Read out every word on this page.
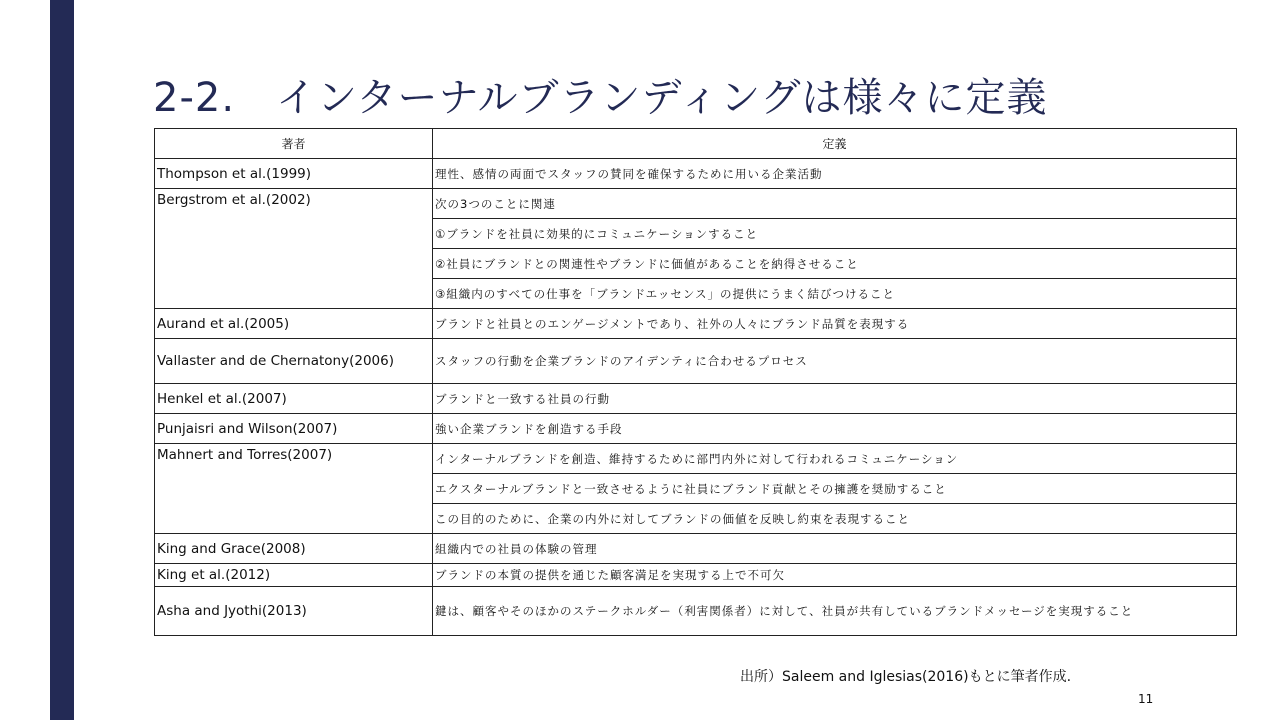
2-2.　インターナルブランディングは様々に定義
著者	定義
Thompson et al.(1999)	理性、感情の両面でスタッフの賛同を確保するために用いる企業活動
Bergstrom et al.(2002)	次の3つのことに関連
	①ブランドを社員に効果的にコミュニケーションすること
	②社員にブランドとの関連性やブランドに価値があることを納得させること
	③組織内のすべての仕事を「ブランドエッセンス」の提供にうまく結びつけること
Aurand et al.(2005)	ブランドと社員とのエンゲージメントであり、社外の人々にブランド品質を表現する
Vallaster and de Chernatony(2006)	スタッフの行動を企業ブランドのアイデンティに合わせるプロセス
Henkel et al.(2007)	ブランドと一致する社員の行動
Punjaisri and Wilson(2007)	強い企業ブランドを創造する手段
Mahnert and Torres(2007)	インターナルブランドを創造、維持するために部門内外に対して行われるコミュニケーション
	エクスターナルブランドと一致させるように社員にブランド貢献とその擁護を奨励すること
	この目的のために、企業の内外に対してブランドの価値を反映し約束を表現すること
King and Grace(2008)	組織内での社員の体験の管理
King et al.(2012)	ブランドの本質の提供を通じた顧客満足を実現する上で不可欠
Asha and Jyothi(2013)	鍵は、顧客やそのほかのステークホルダー（利害関係者）に対して、社員が共有しているブランドメッセージを実現すること
出所）Saleem and Iglesias(2016)もとに筆者作成.
11
